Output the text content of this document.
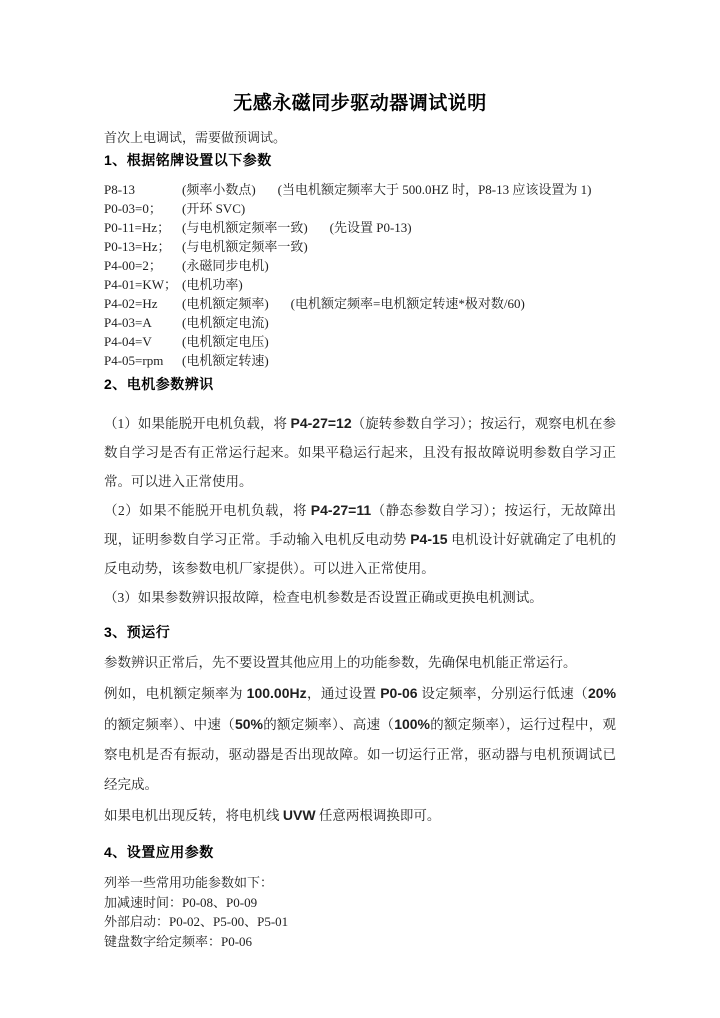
无感永磁同步驱动器调试说明
首次上电调试，需要做预调试。
1、根据铭牌设置以下参数
P8-13	(频率小数点) (当电机额定频率大于 500.0HZ 时，P8-13 应该设置为 1)
P0-03=0；	(开环 SVC)
P0-11=Hz； (与电机额定频率一致) (先设置 P0-13)
P0-13=Hz； (与电机额定频率一致)
P4-00=2；	(永磁同步电机)
P4-01=KW； (电机功率)
P4-02=Hz	(电机额定频率) (电机额定频率=电机额定转速*极对数/60)
P4-03=A	(电机额定电流)
P4-04=V	(电机额定电压)
P4-05=rpm	(电机额定转速)
2、电机参数辨识

（1）如果能脱开电机负载，将 P4-27=12（旋转参数自学习）；按运行，观察电机在参数自学习是否有正常运行起来。如果平稳运行起来，且没有报故障说明参数自学习正常。可以进入正常使用。

（2）如果不能脱开电机负载，将 P4-27=11（静态参数自学习）；按运行，无故障出现，证明参数自学习正常。手动输入电机反电动势 P4-15 电机设计好就确定了电机的反电动势，该参数电机厂家提供）。可以进入正常使用。

（3）如果参数辨识报故障，检查电机参数是否设置正确或更换电机测试。

3、预运行

参数辨识正常后，先不要设置其他应用上的功能参数，先确保电机能正常运行。

例如，电机额定频率为 100.00Hz，通过设置 P0-06 设定频率，分别运行低速（20%的额定频率）、中速（50%的额定频率）、高速（100%的额定频率），运行过程中，观察电机是否有振动，驱动器是否出现故障。如一切运行正常，驱动器与电机预调试已经完成。

如果电机出现反转，将电机线 UVW 任意两根调换即可。

4、设置应用参数
列举一些常用功能参数如下：
加减速时间：P0-08、P0-09
外部启动：P0-02、P5-00、P5-01
键盘数字给定频率：P0-06
